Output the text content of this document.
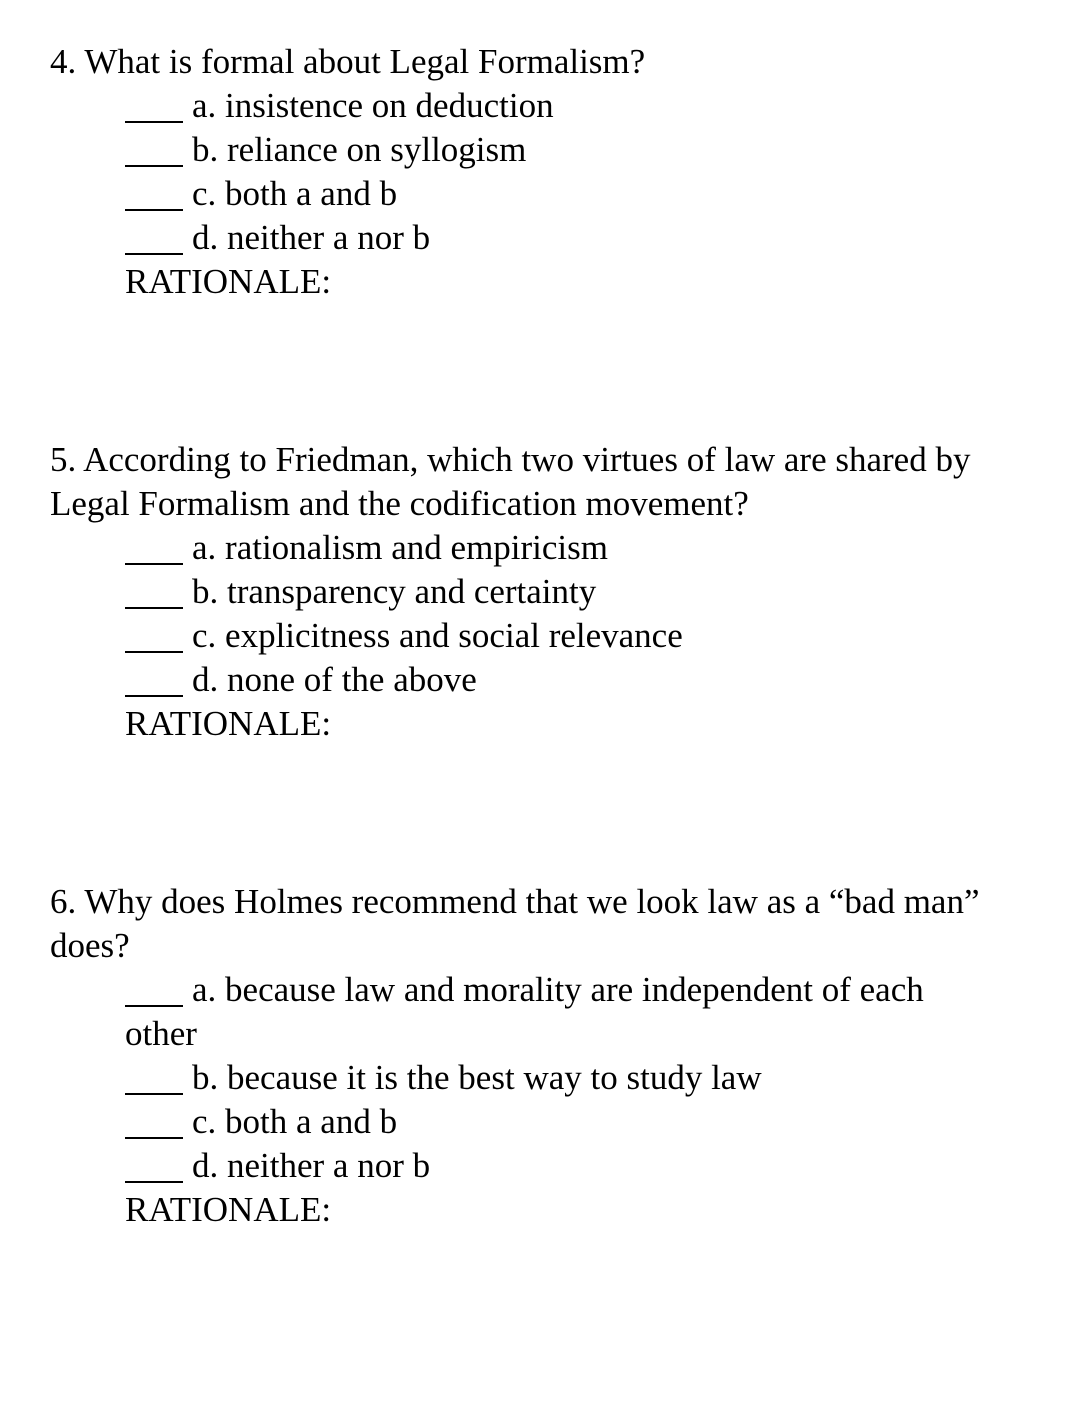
4. What is formal about Legal Formalism?

a. insistence on deduction
b. reliance on syllogism
c. both a and b
d. neither a nor b
RATIONALE:

5. According to Friedman, which two virtues of law are shared by Legal Formalism and the codification movement?

a. rationalism and empiricism
b. transparency and certainty
c. explicitness and social relevance
d. none of the above
RATIONALE:

6. Why does Holmes recommend that we look law as a “bad man” does?

a. because law and morality are independent of each
other
b. because it is the best way to study law
c. both a and b
d. neither a nor b
RATIONALE:
